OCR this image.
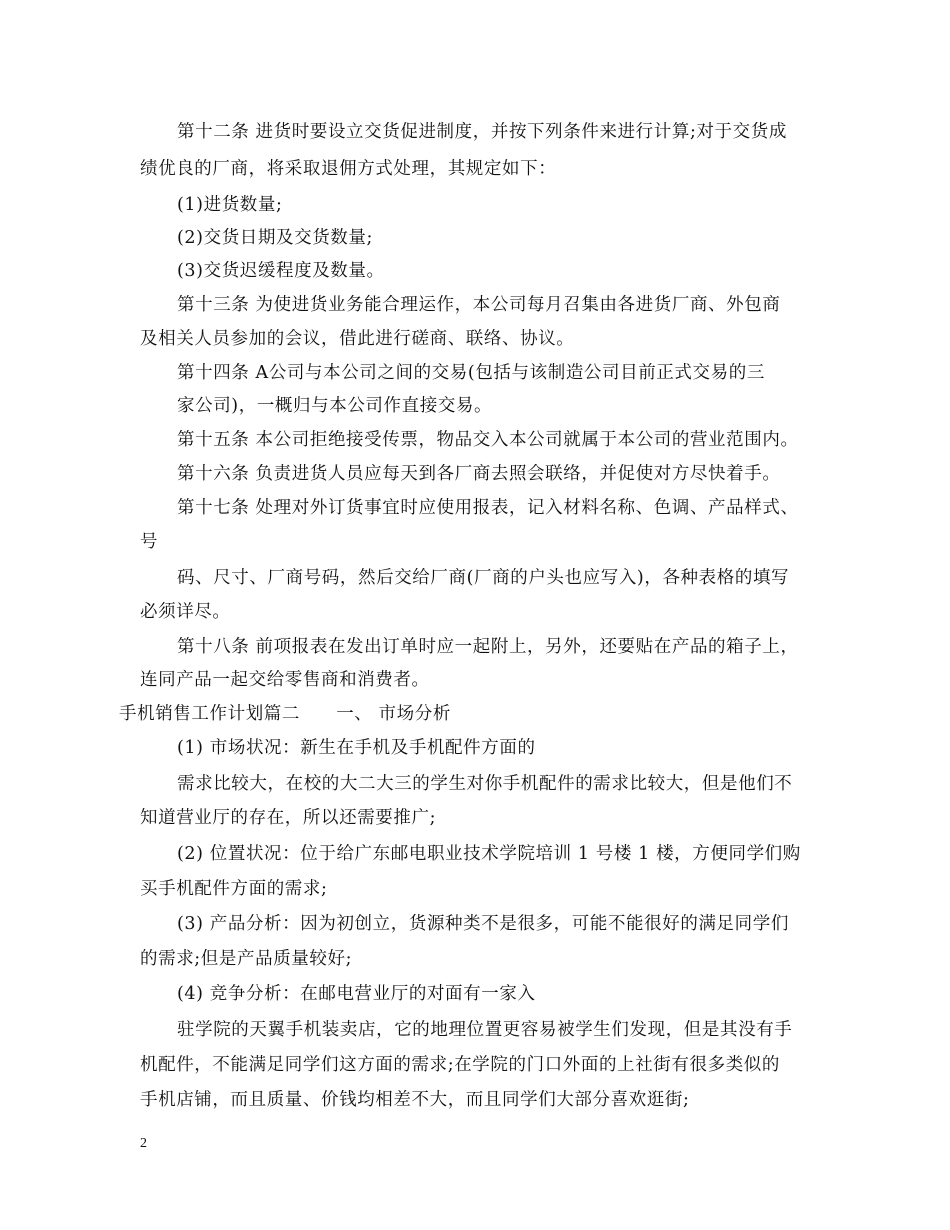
第十二条 进货时要设立交货促进制度，并按下列条件来进行计算;对于交货成
绩优良的厂商，将采取退佣方式处理，其规定如下：
(1)进货数量;
(2)交货日期及交货数量;
(3)交货迟缓程度及数量。
第十三条 为使进货业务能合理运作，本公司每月召集由各进货厂商、外包商
及相关人员参加的会议，借此进行磋商、联络、协议。
第十四条 A公司与本公司之间的交易(包括与该制造公司目前正式交易的三
家公司)，一概归与本公司作直接交易。
第十五条 本公司拒绝接受传票，物品交入本公司就属于本公司的营业范围内。
第十六条 负责进货人员应每天到各厂商去照会联络，并促使对方尽快着手。
第十七条 处理对外订货事宜时应使用报表，记入材料名称、色调、产品样式、
号
码、尺寸、厂商号码，然后交给厂商(厂商的户头也应写入)，各种表格的填写
必须详尽。
第十八条 前项报表在发出订单时应一起附上，另外，还要贴在产品的箱子上，
连同产品一起交给零售商和消费者。
手机销售工作计划篇二　　一、 市场分析
(1) 市场状况：新生在手机及手机配件方面的
需求比较大，在校的大二大三的学生对你手机配件的需求比较大，但是他们不
知道营业厅的存在，所以还需要推广;
(2) 位置状况：位于给广东邮电职业技术学院培训 1 号楼 1 楼，方便同学们购
买手机配件方面的需求;
(3) 产品分析：因为初创立，货源种类不是很多，可能不能很好的满足同学们
的需求;但是产品质量较好;
(4) 竞争分析：在邮电营业厅的对面有一家入
驻学院的天翼手机装卖店，它的地理位置更容易被学生们发现，但是其没有手
机配件，不能满足同学们这方面的需求;在学院的门口外面的上社街有很多类似的
手机店铺，而且质量、价钱均相差不大，而且同学们大部分喜欢逛街;
2
